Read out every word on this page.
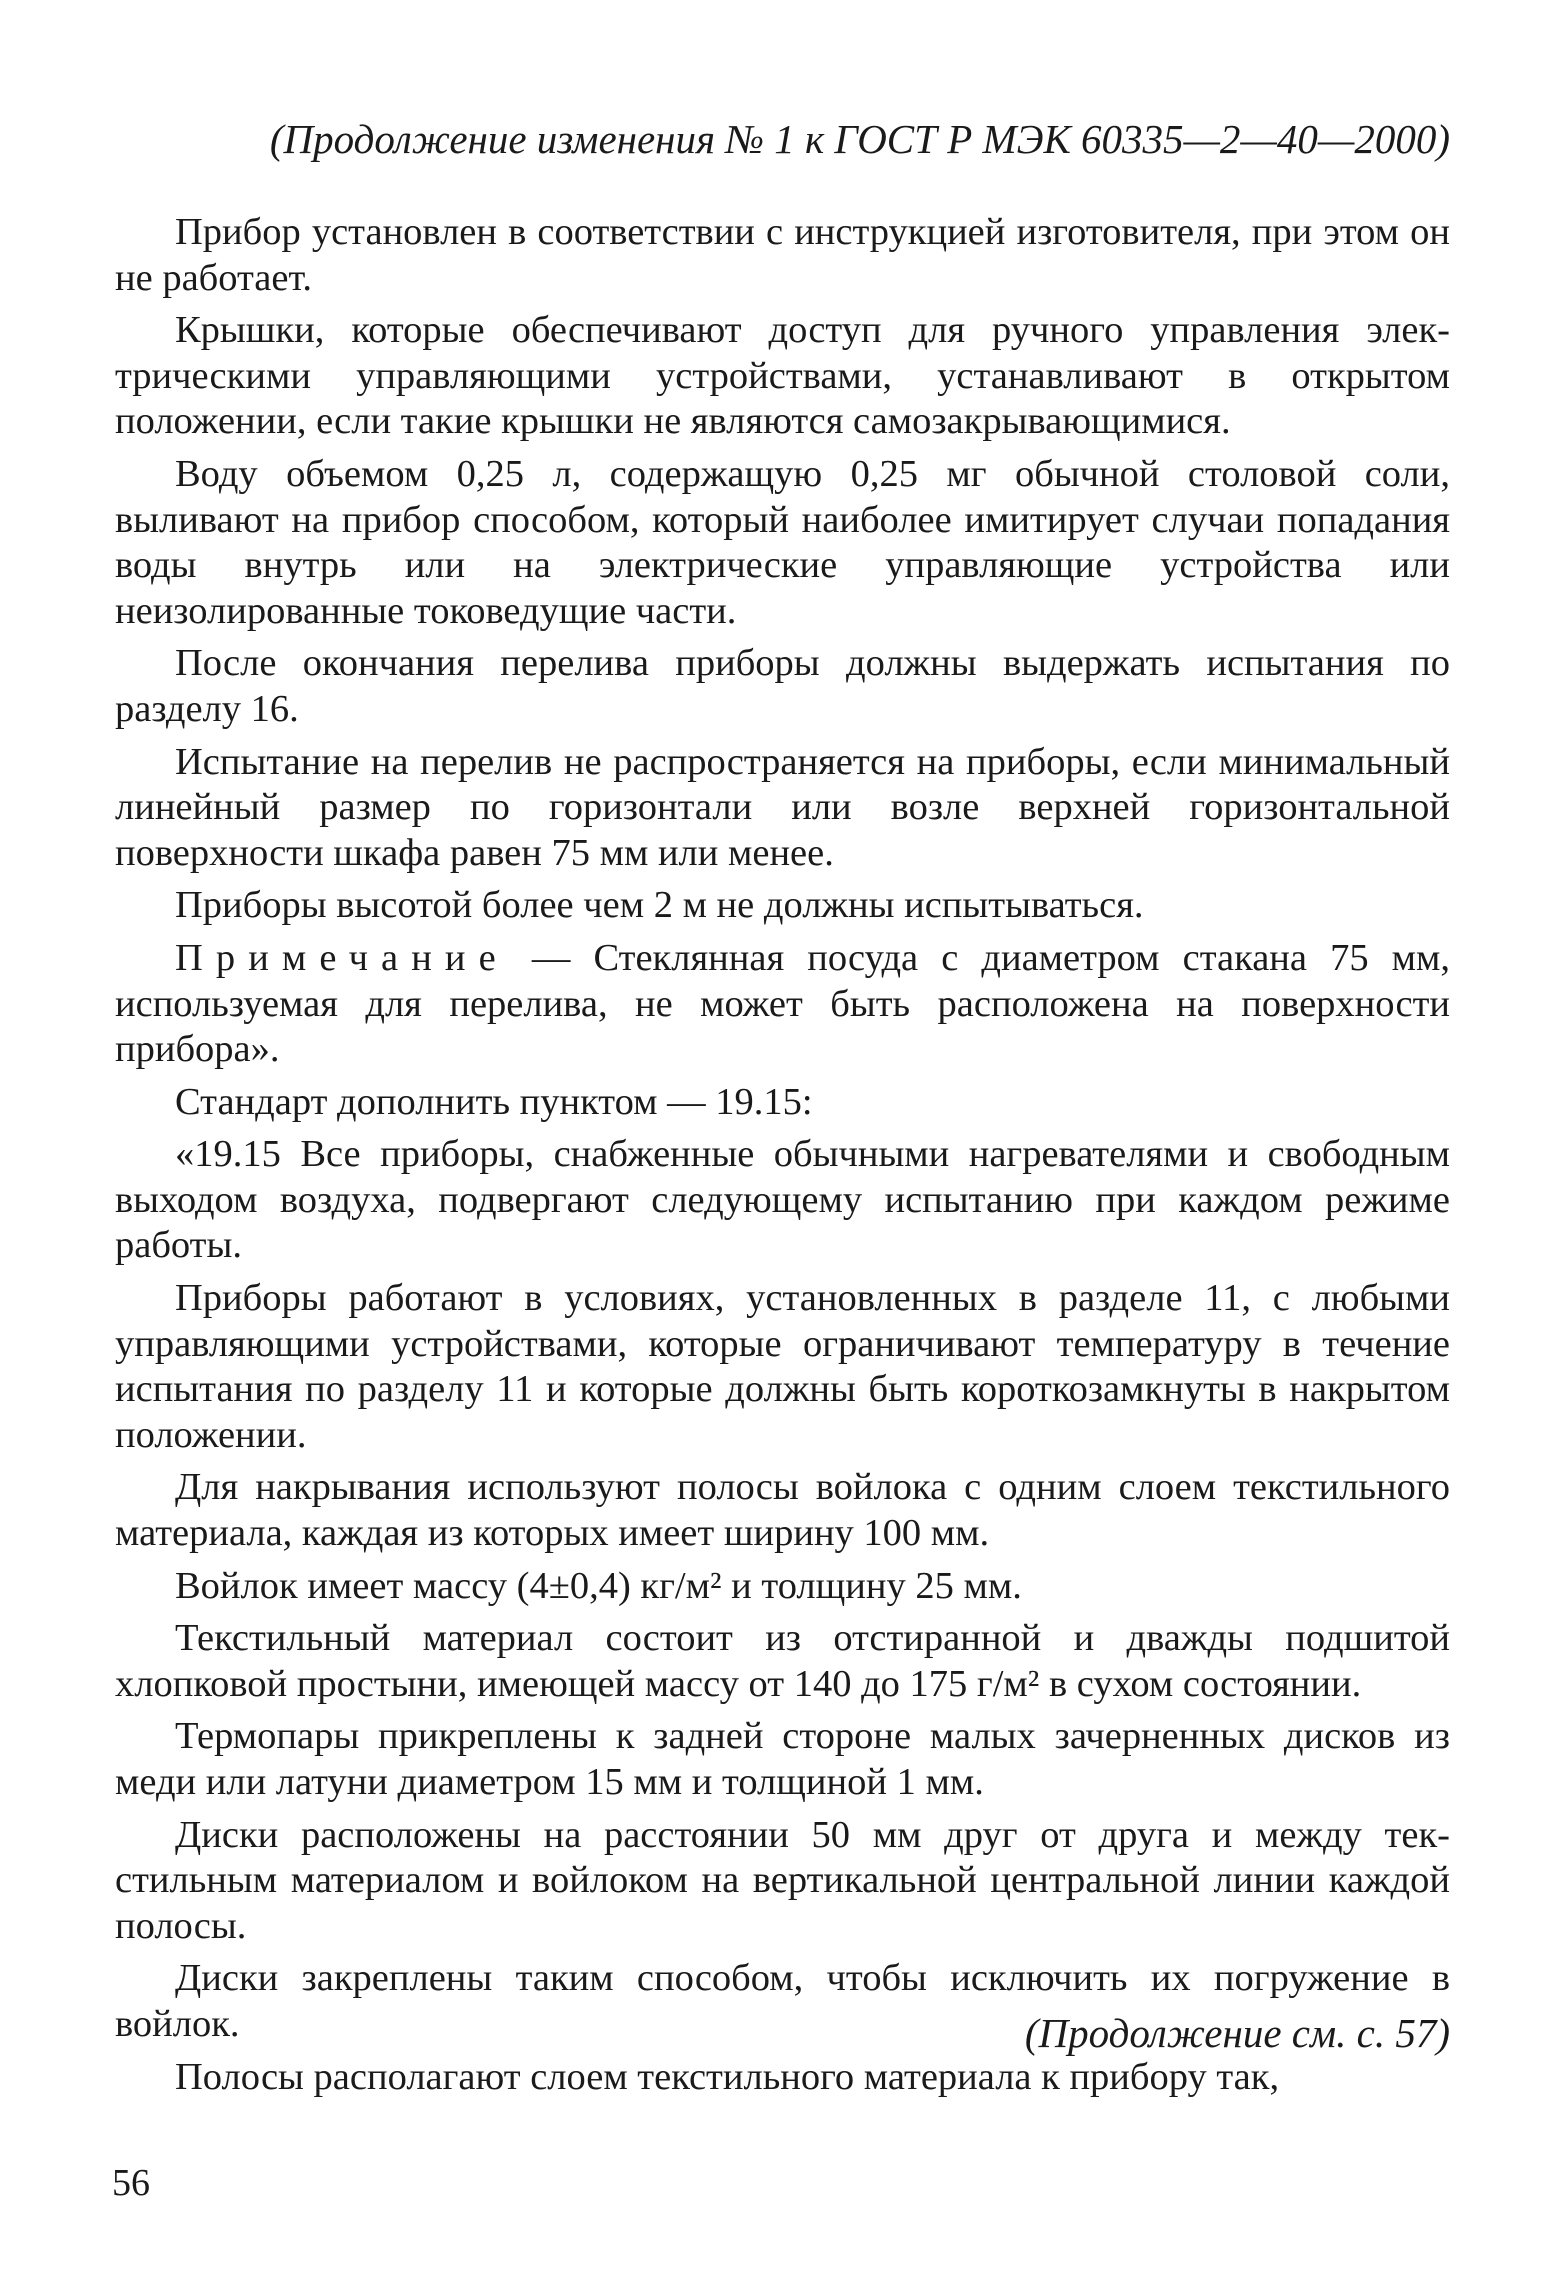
(Продолжение изменения № 1 к ГОСТ Р МЭК 60335—2—40—2000)

Прибор установлен в соответствии с инструкцией изготовителя, при этом он не работает.

Крышки, которые обеспечивают доступ для ручного управления электрическими управляющими устройствами, устанавливают в открытом положении, если такие крышки не являются самозакрывающимися.

Воду объемом 0,25 л, содержащую 0,25 мг обычной столовой соли, выливают на прибор способом, который наиболее имитирует случаи попадания воды внутрь или на электрические управляющие устройства или неизолированные токоведущие части.

После окончания перелива приборы должны выдержать испытания по разделу 16.

Испытание на перелив не распространяется на приборы, если минимальный линейный размер по горизонтали или возле верхней горизонтальной поверхности шкафа равен 75 мм или менее.

Приборы высотой более чем 2 м не должны испытываться.

Примечание — Стеклянная посуда с диаметром стакана 75 мм, используемая для перелива, не может быть расположена на поверхности прибора».

Стандарт дополнить пунктом — 19.15:

«19.15 Все приборы, снабженные обычными нагревателями и свободным выходом воздуха, подвергают следующему испытанию при каждом режиме работы.

Приборы работают в условиях, установленных в разделе 11, с любыми управляющими устройствами, которые ограничивают температуру в течение испытания по разделу 11 и которые должны быть короткозамкнуты в накрытом положении.

Для накрывания используют полосы войлока с одним слоем текстильного материала, каждая из которых имеет ширину 100 мм.

Войлок имеет массу (4±0,4) кг/м² и толщину 25 мм.

Текстильный материал состоит из отстиранной и дважды подшитой хлопковой простыни, имеющей массу от 140 до 175 г/м² в сухом состоянии.

Термопары прикреплены к задней стороне малых зачерненных дисков из меди или латуни диаметром 15 мм и толщиной 1 мм.

Диски расположены на расстоянии 50 мм друг от друга и между текстильным материалом и войлоком на вертикальной центральной линии каждой полосы.

Диски закреплены таким способом, чтобы исключить их погружение в войлок.

Полосы располагают слоем текстильного материала к прибору так,

(Продолжение см. с. 57)
56
